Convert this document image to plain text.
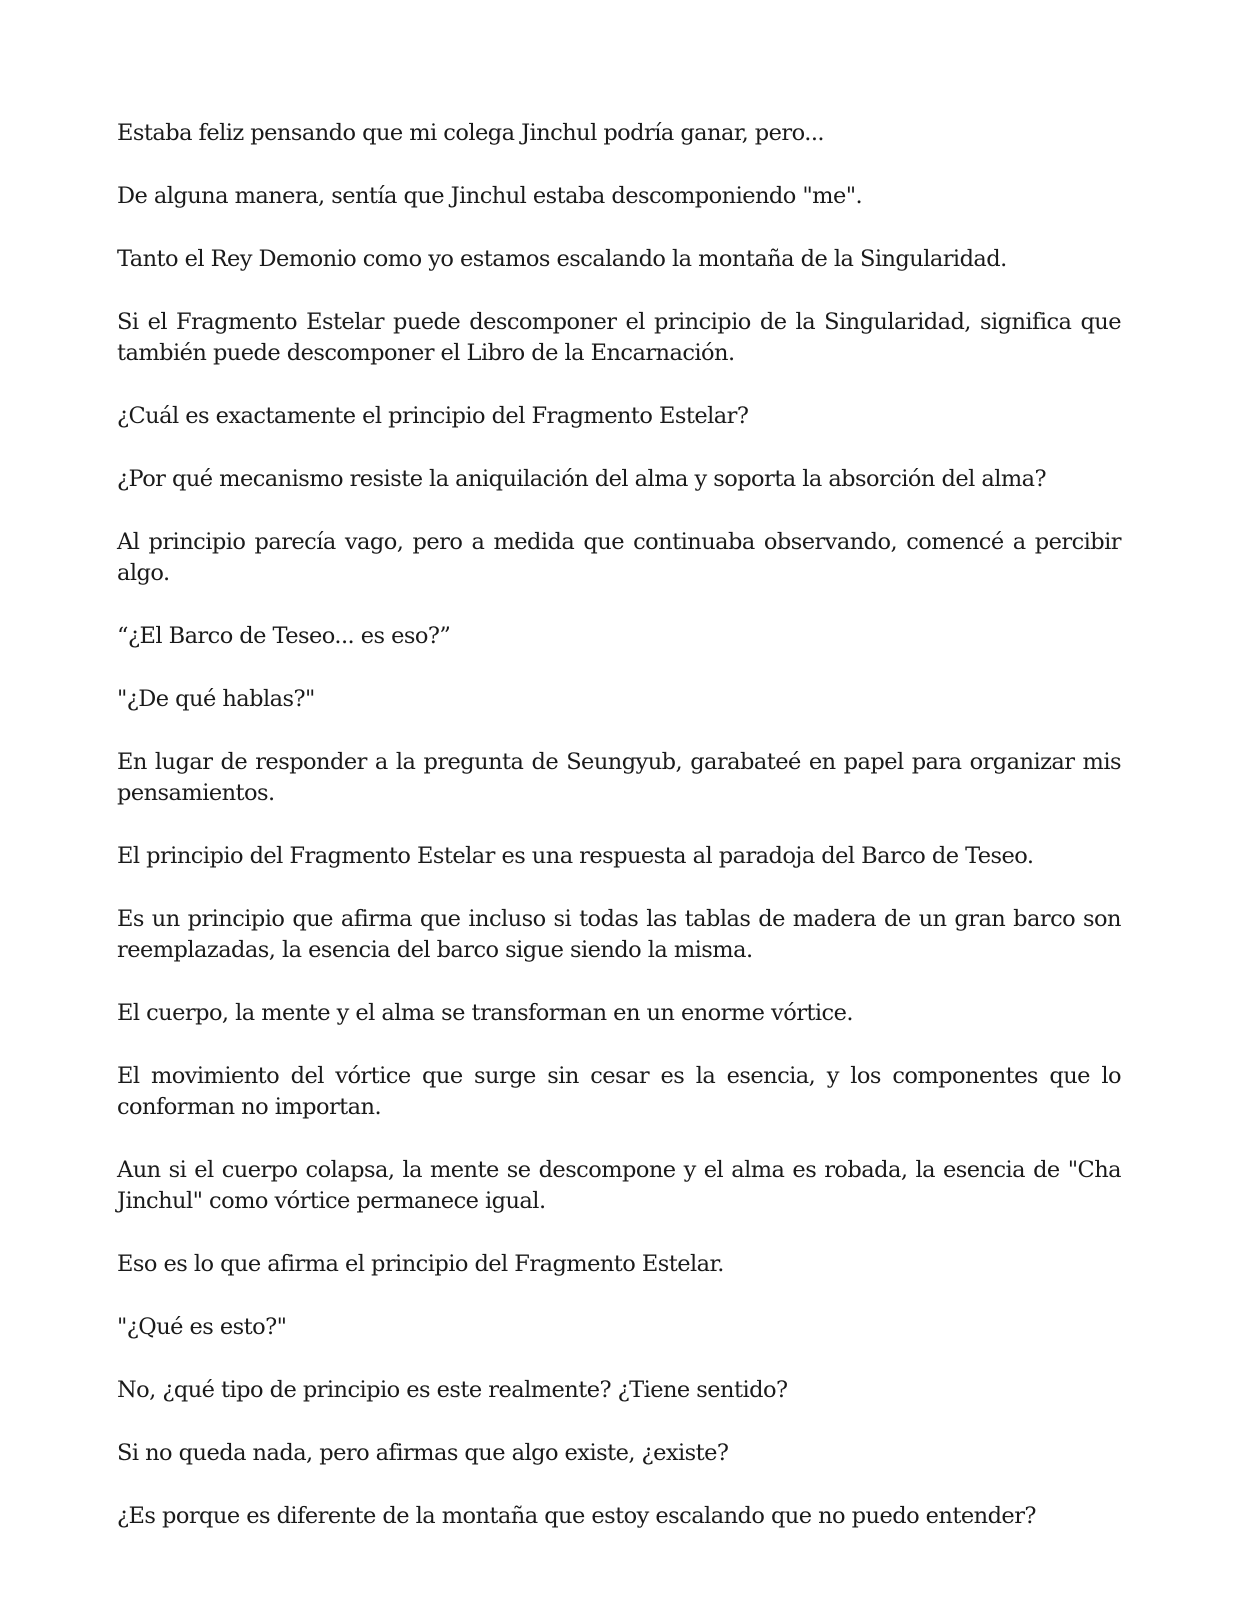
Estaba feliz pensando que mi colega Jinchul podría ganar, pero...

De alguna manera, sentía que Jinchul estaba descomponiendo "me".

Tanto el Rey Demonio como yo estamos escalando la montaña de la Singularidad.

Si el Fragmento Estelar puede descomponer el principio de la Singularidad, significa que también puede descomponer el Libro de la Encarnación.

¿Cuál es exactamente el principio del Fragmento Estelar?

¿Por qué mecanismo resiste la aniquilación del alma y soporta la absorción del alma?

Al principio parecía vago, pero a medida que continuaba observando, comencé a percibir algo.

“¿El Barco de Teseo... es eso?”

"¿De qué hablas?"

En lugar de responder a la pregunta de Seungyub, garabateé en papel para organizar mis pensamientos.

El principio del Fragmento Estelar es una respuesta al paradoja del Barco de Teseo.

Es un principio que afirma que incluso si todas las tablas de madera de un gran barco son reemplazadas, la esencia del barco sigue siendo la misma.

El cuerpo, la mente y el alma se transforman en un enorme vórtice.

El movimiento del vórtice que surge sin cesar es la esencia, y los componentes que lo conforman no importan.

Aun si el cuerpo colapsa, la mente se descompone y el alma es robada, la esencia de "Cha Jinchul" como vórtice permanece igual.

Eso es lo que afirma el principio del Fragmento Estelar.

"¿Qué es esto?"

No, ¿qué tipo de principio es este realmente? ¿Tiene sentido?

Si no queda nada, pero afirmas que algo existe, ¿existe?

¿Es porque es diferente de la montaña que estoy escalando que no puedo entender?
